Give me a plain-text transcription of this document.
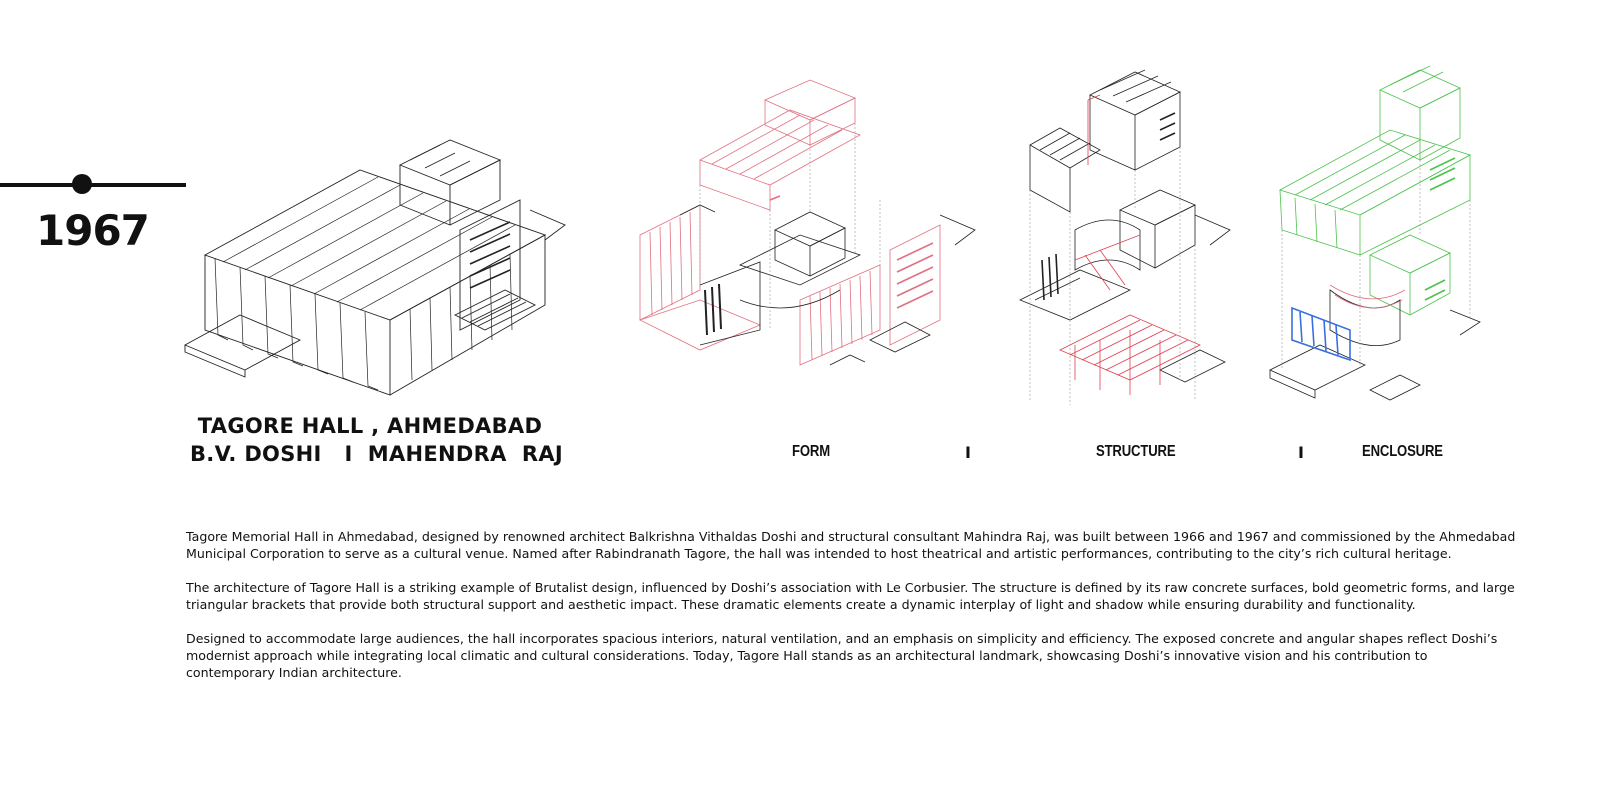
1967
TAGORE HALL , AHMEDABAD
B.V. DOSHI   I  MAHENDRA  RAJ	FORM	I	STRUCTURE	I	ENCLOSURE

Tagore Memorial Hall in Ahmedabad, designed by renowned architect Balkrishna Vithaldas Doshi and structural consultant Mahindra Raj, was built between 1966 and 1967 and commissioned by the Ahmedabad Municipal Corporation to serve as a cultural venue. Named after Rabindranath Tagore, the hall was intended to host theatrical and artistic performances, contributing to the city’s rich cultural heritage.

The architecture of Tagore Hall is a striking example of Brutalist design, influenced by Doshi’s association with Le Corbusier. The structure is defined by its raw concrete surfaces, bold geometric forms, and large triangular brackets that provide both structural support and aesthetic impact. These dramatic elements create a dynamic interplay of light and shadow while ensuring durability and functionality.

Designed to accommodate large audiences, the hall incorporates spacious interiors, natural ventilation, and an emphasis on simplicity and efficiency. The exposed concrete and angular shapes reflect Doshi’s modernist approach while integrating local climatic and cultural considerations. Today, Tagore Hall stands as an architectural landmark, showcasing Doshi’s innovative vision and his contribution to contemporary Indian architecture.
